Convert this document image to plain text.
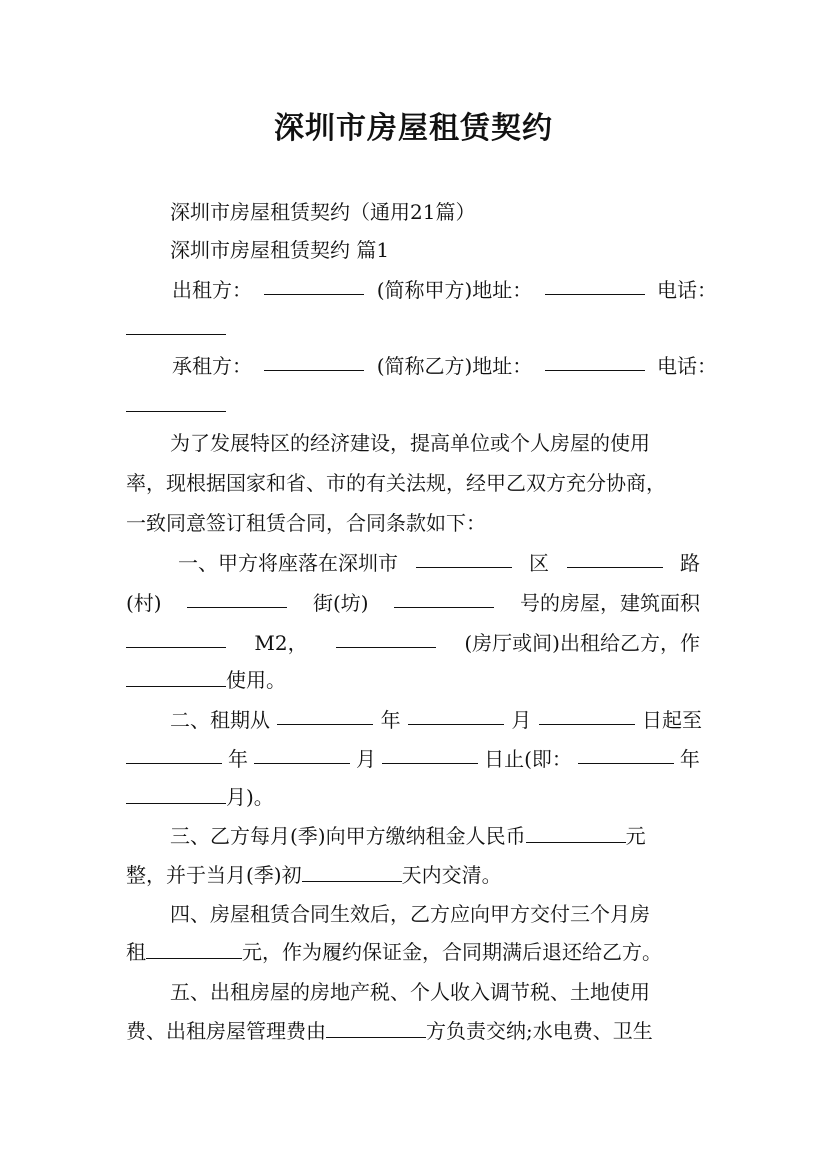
深圳市房屋租赁契约
深圳市房屋租赁契约（通用21篇）
深圳市房屋租赁契约 篇1
出租方：	(简称甲方)地址：	电话：
承租方：	(简称乙方)地址：	电话：
为了发展特区的经济建设，提高单位或个人房屋的使用
率，现根据国家和省、市的有关法规，经甲乙双方充分协商，
一致同意签订租赁合同，合同条款如下：
一、甲方将座落在深圳市	区	路
(村)	街(坊)	号的房屋，建筑面积
M2，	(房厅或间)出租给乙方，作
使用。
二、租期从	年	月	日起至
年	月	日止(即：	年
月)。
三、乙方每月(季)向甲方缴纳租金人民币	元
整，并于当月(季)初	天内交清。
四、房屋租赁合同生效后，乙方应向甲方交付三个月房
租	元，作为履约保证金，合同期满后退还给乙方。
五、出租房屋的房地产税、个人收入调节税、土地使用
费、出租房屋管理费由	方负责交纳;水电费、卫生
